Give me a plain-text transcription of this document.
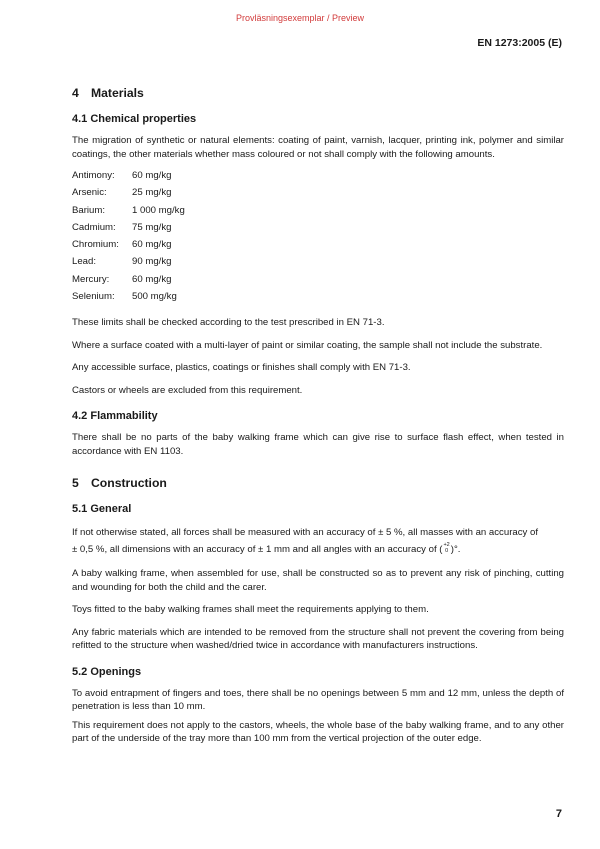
Provläsningsexemplar / Preview
EN 1273:2005 (E)
4 Materials
4.1 Chemical properties
The migration of synthetic or natural elements: coating of paint, varnish, lacquer, printing ink, polymer and similar coatings, the other materials whether mass coloured or not shall comply with the following amounts.
Antimony:	60 mg/kg
Arsenic:	25 mg/kg
Barium:	1 000 mg/kg
Cadmium:	75 mg/kg
Chromium:	60 mg/kg
Lead:	90 mg/kg
Mercury:	60 mg/kg
Selenium:	500 mg/kg
These limits shall be checked according to the test prescribed in EN 71-3.
Where a surface coated with a multi-layer of paint or similar coating, the sample shall not include the substrate.
Any accessible surface, plastics, coatings or finishes shall comply with EN 71-3.
Castors or wheels are excluded from this requirement.
4.2 Flammability
There shall be no parts of the baby walking frame which can give rise to surface flash effect, when tested in accordance with EN 1103.
5 Construction
5.1 General
If not otherwise stated, all forces shall be measured with an accuracy of ± 5 %, all masses with an accuracy of
± 0,5 %, all dimensions with an accuracy of ± 1 mm and all angles with an accuracy of ( +2
0 )°.
A baby walking frame, when assembled for use, shall be constructed so as to prevent any risk of pinching, cutting and wounding for both the child and the carer.
Toys fitted to the baby walking frames shall meet the requirements applying to them.
Any fabric materials which are intended to be removed from the structure shall not prevent the covering from being refitted to the structure when washed/dried twice in accordance with manufacturers instructions.
5.2 Openings
To avoid entrapment of fingers and toes, there shall be no openings between 5 mm and 12 mm, unless the depth of penetration is less than 10 mm.
This requirement does not apply to the castors, wheels, the whole base of the baby walking frame, and to any other part of the underside of the tray more than 100 mm from the vertical projection of the outer edge.
7
